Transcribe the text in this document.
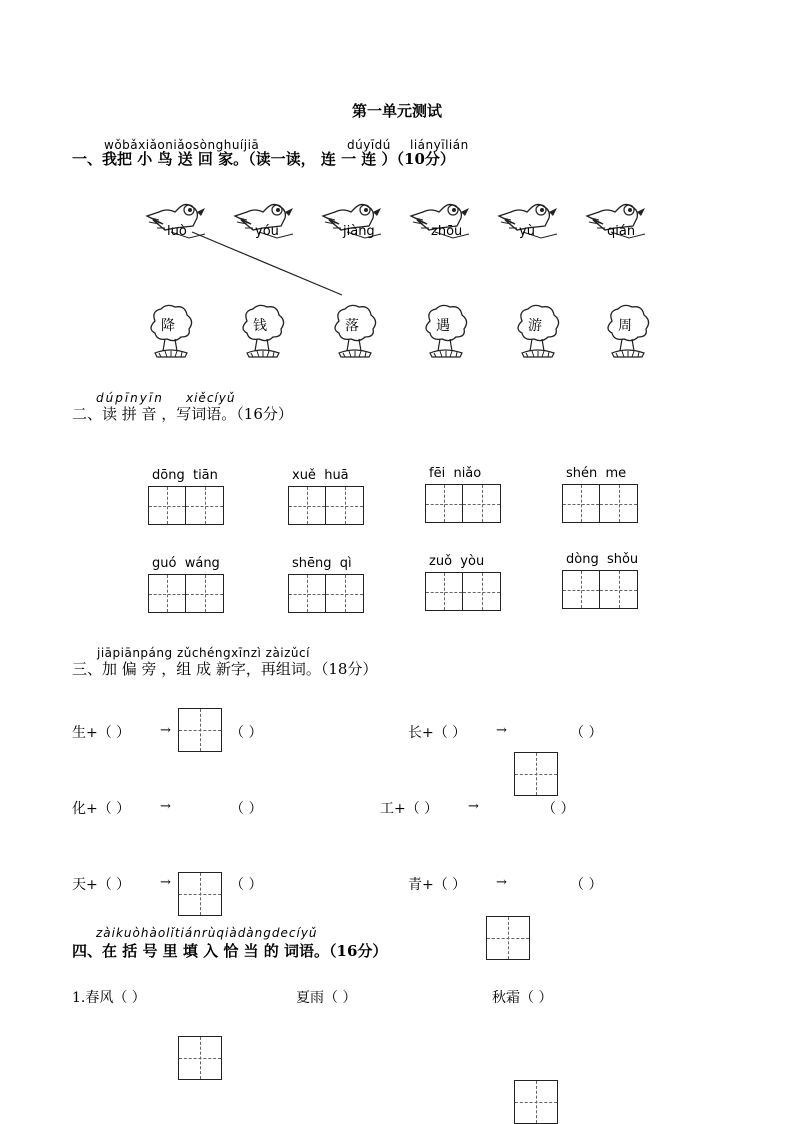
第一单元测试
wǒbǎxiǎoniǎosònghuíjiā	dúyīdú liányīlián
一、我把 小 鸟 送 回 家。（读一读， 连 一 连 ）（10分）
luò	yóu	jiàng	zhōu	yù	qián
降	钱	落	遇	游	周
dúpīnyīn xiěcíyǔ
二、读 拼 音 ，写词语。（16分）
dōng tiān	xuě huā	fēi niǎo	shén me
guó wáng	shēng qì	zuǒ yòu	dòng shǒu
jiāpiānpáng zǔchéngxīnzì zàizǔcí
三、加 偏 旁 ，组 成 新字，再组词。（18分）
生+（ ） →	（ ）	长+（ ） →	（ ）
化+（ ） →	（ ）	工+（ ） →	（ ）
天+（ ） →	（ ）	青+（ ） →	（ ）
zàikuòhàolǐtiánrùqiàdàngdecíyǔ
四、在 括 号 里 填 入 恰 当 的 词语。（16分）
1.春风（ ）	夏雨（ ）	秋霜（ ）
